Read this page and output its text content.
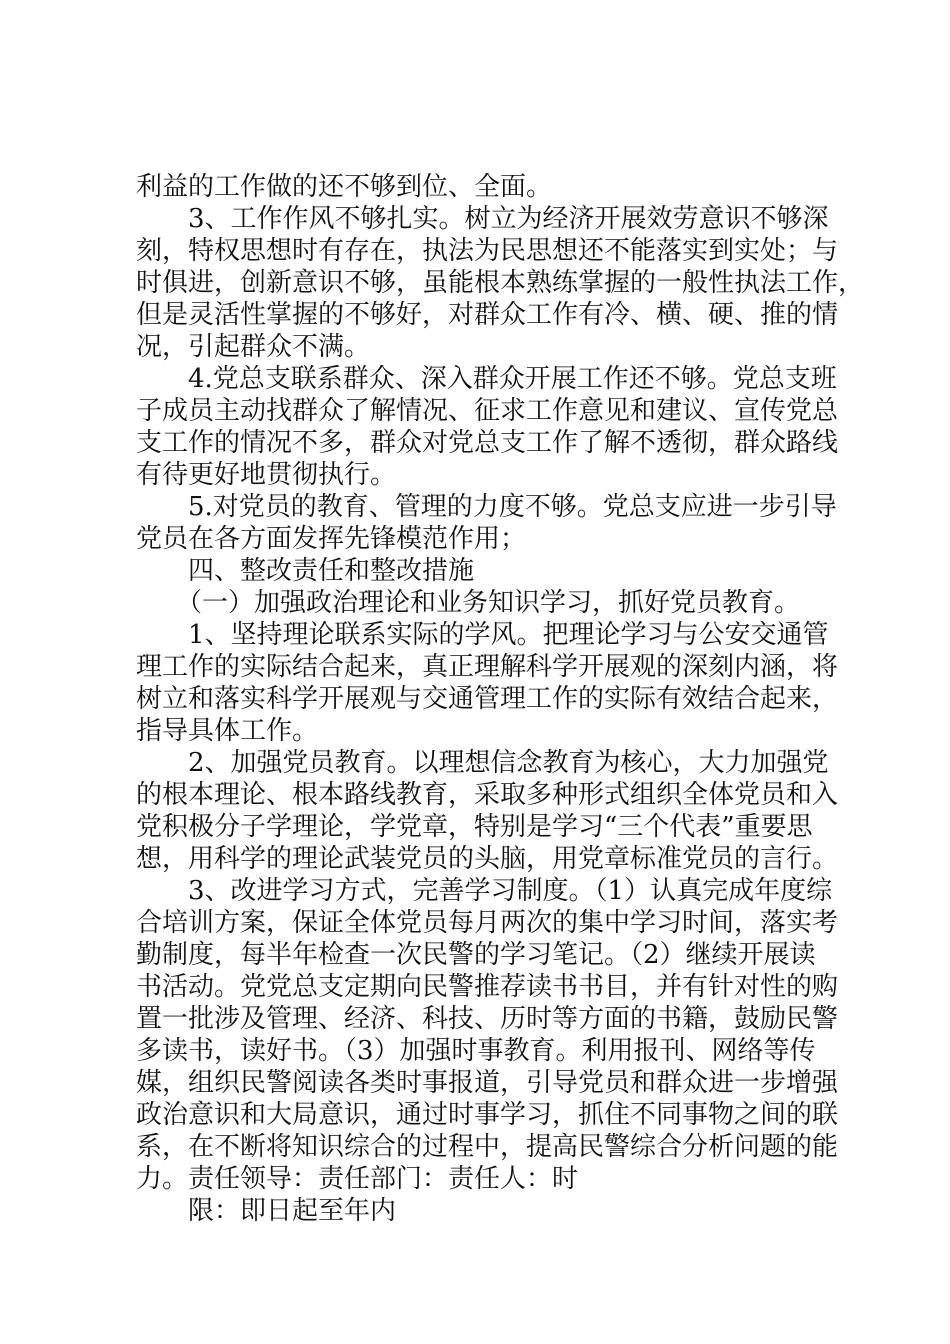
利益的工作做的还不够到位、全面。
3、工作作风不够扎实。树立为经济开展效劳意识不够深
刻，特权思想时有存在，执法为民思想还不能落实到实处；与
时俱进，创新意识不够，虽能根本熟练掌握的一般性执法工作，
但是灵活性掌握的不够好，对群众工作有冷、横、硬、推的情
况，引起群众不满。
4.党总支联系群众、深入群众开展工作还不够。党总支班
子成员主动找群众了解情况、征求工作意见和建议、宣传党总
支工作的情况不多，群众对党总支工作了解不透彻，群众路线
有待更好地贯彻执行。
5.对党员的教育、管理的力度不够。党总支应进一步引导
党员在各方面发挥先锋模范作用；
四、整改责任和整改措施
（一）加强政治理论和业务知识学习，抓好党员教育。
1、坚持理论联系实际的学风。把理论学习与公安交通管
理工作的实际结合起来，真正理解科学开展观的深刻内涵，将
树立和落实科学开展观与交通管理工作的实际有效结合起来，
指导具体工作。
2、加强党员教育。以理想信念教育为核心，大力加强党
的根本理论、根本路线教育，采取多种形式组织全体党员和入
党积极分子学理论，学党章，特别是学习“三个代表”重要思
想，用科学的理论武装党员的头脑，用党章标准党员的言行。
3、改进学习方式，完善学习制度。（1）认真完成年度综
合培训方案，保证全体党员每月两次的集中学习时间，落实考
勤制度，每半年检查一次民警的学习笔记。（2）继续开展读
书活动。党党总支定期向民警推荐读书书目，并有针对性的购
置一批涉及管理、经济、科技、历时等方面的书籍，鼓励民警
多读书，读好书。（3）加强时事教育。利用报刊、网络等传
媒，组织民警阅读各类时事报道，引导党员和群众进一步增强
政治意识和大局意识，通过时事学习，抓住不同事物之间的联
系，在不断将知识综合的过程中，提高民警综合分析问题的能
力。责任领导：责任部门：责任人：时
限：即日起至年内
